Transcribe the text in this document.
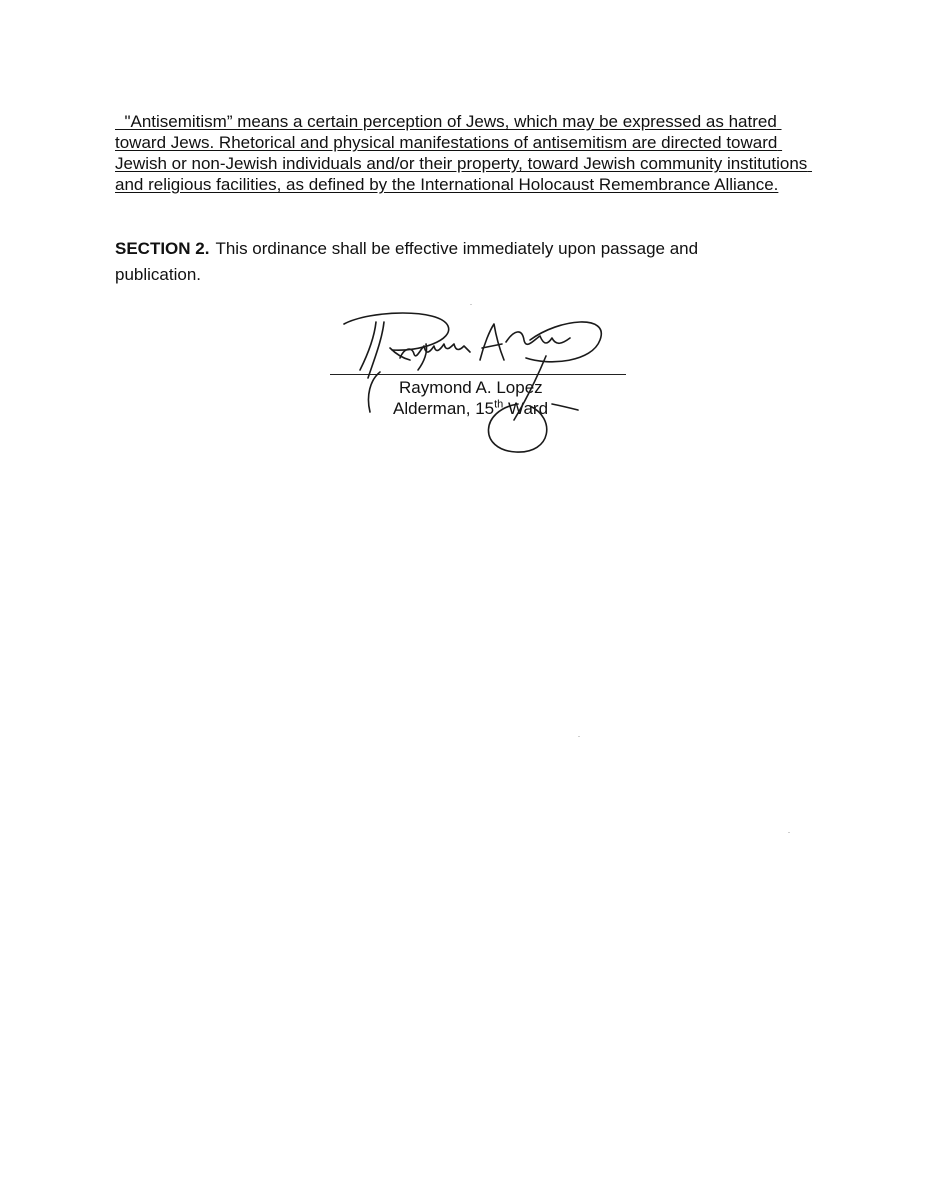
"Antisemitism” means a certain perception of Jews, which may be expressed as hatred toward Jews. Rhetorical and physical manifestations of antisemitism are directed toward Jewish or non-Jewish individuals and/or their property, toward Jewish community institutions and religious facilities, as defined by the International Holocaust Remembrance Alliance.

SECTION 2. This ordinance shall be effective immediately upon passage and publication.

Raymond A. Lopez
Alderman, 15th Ward
